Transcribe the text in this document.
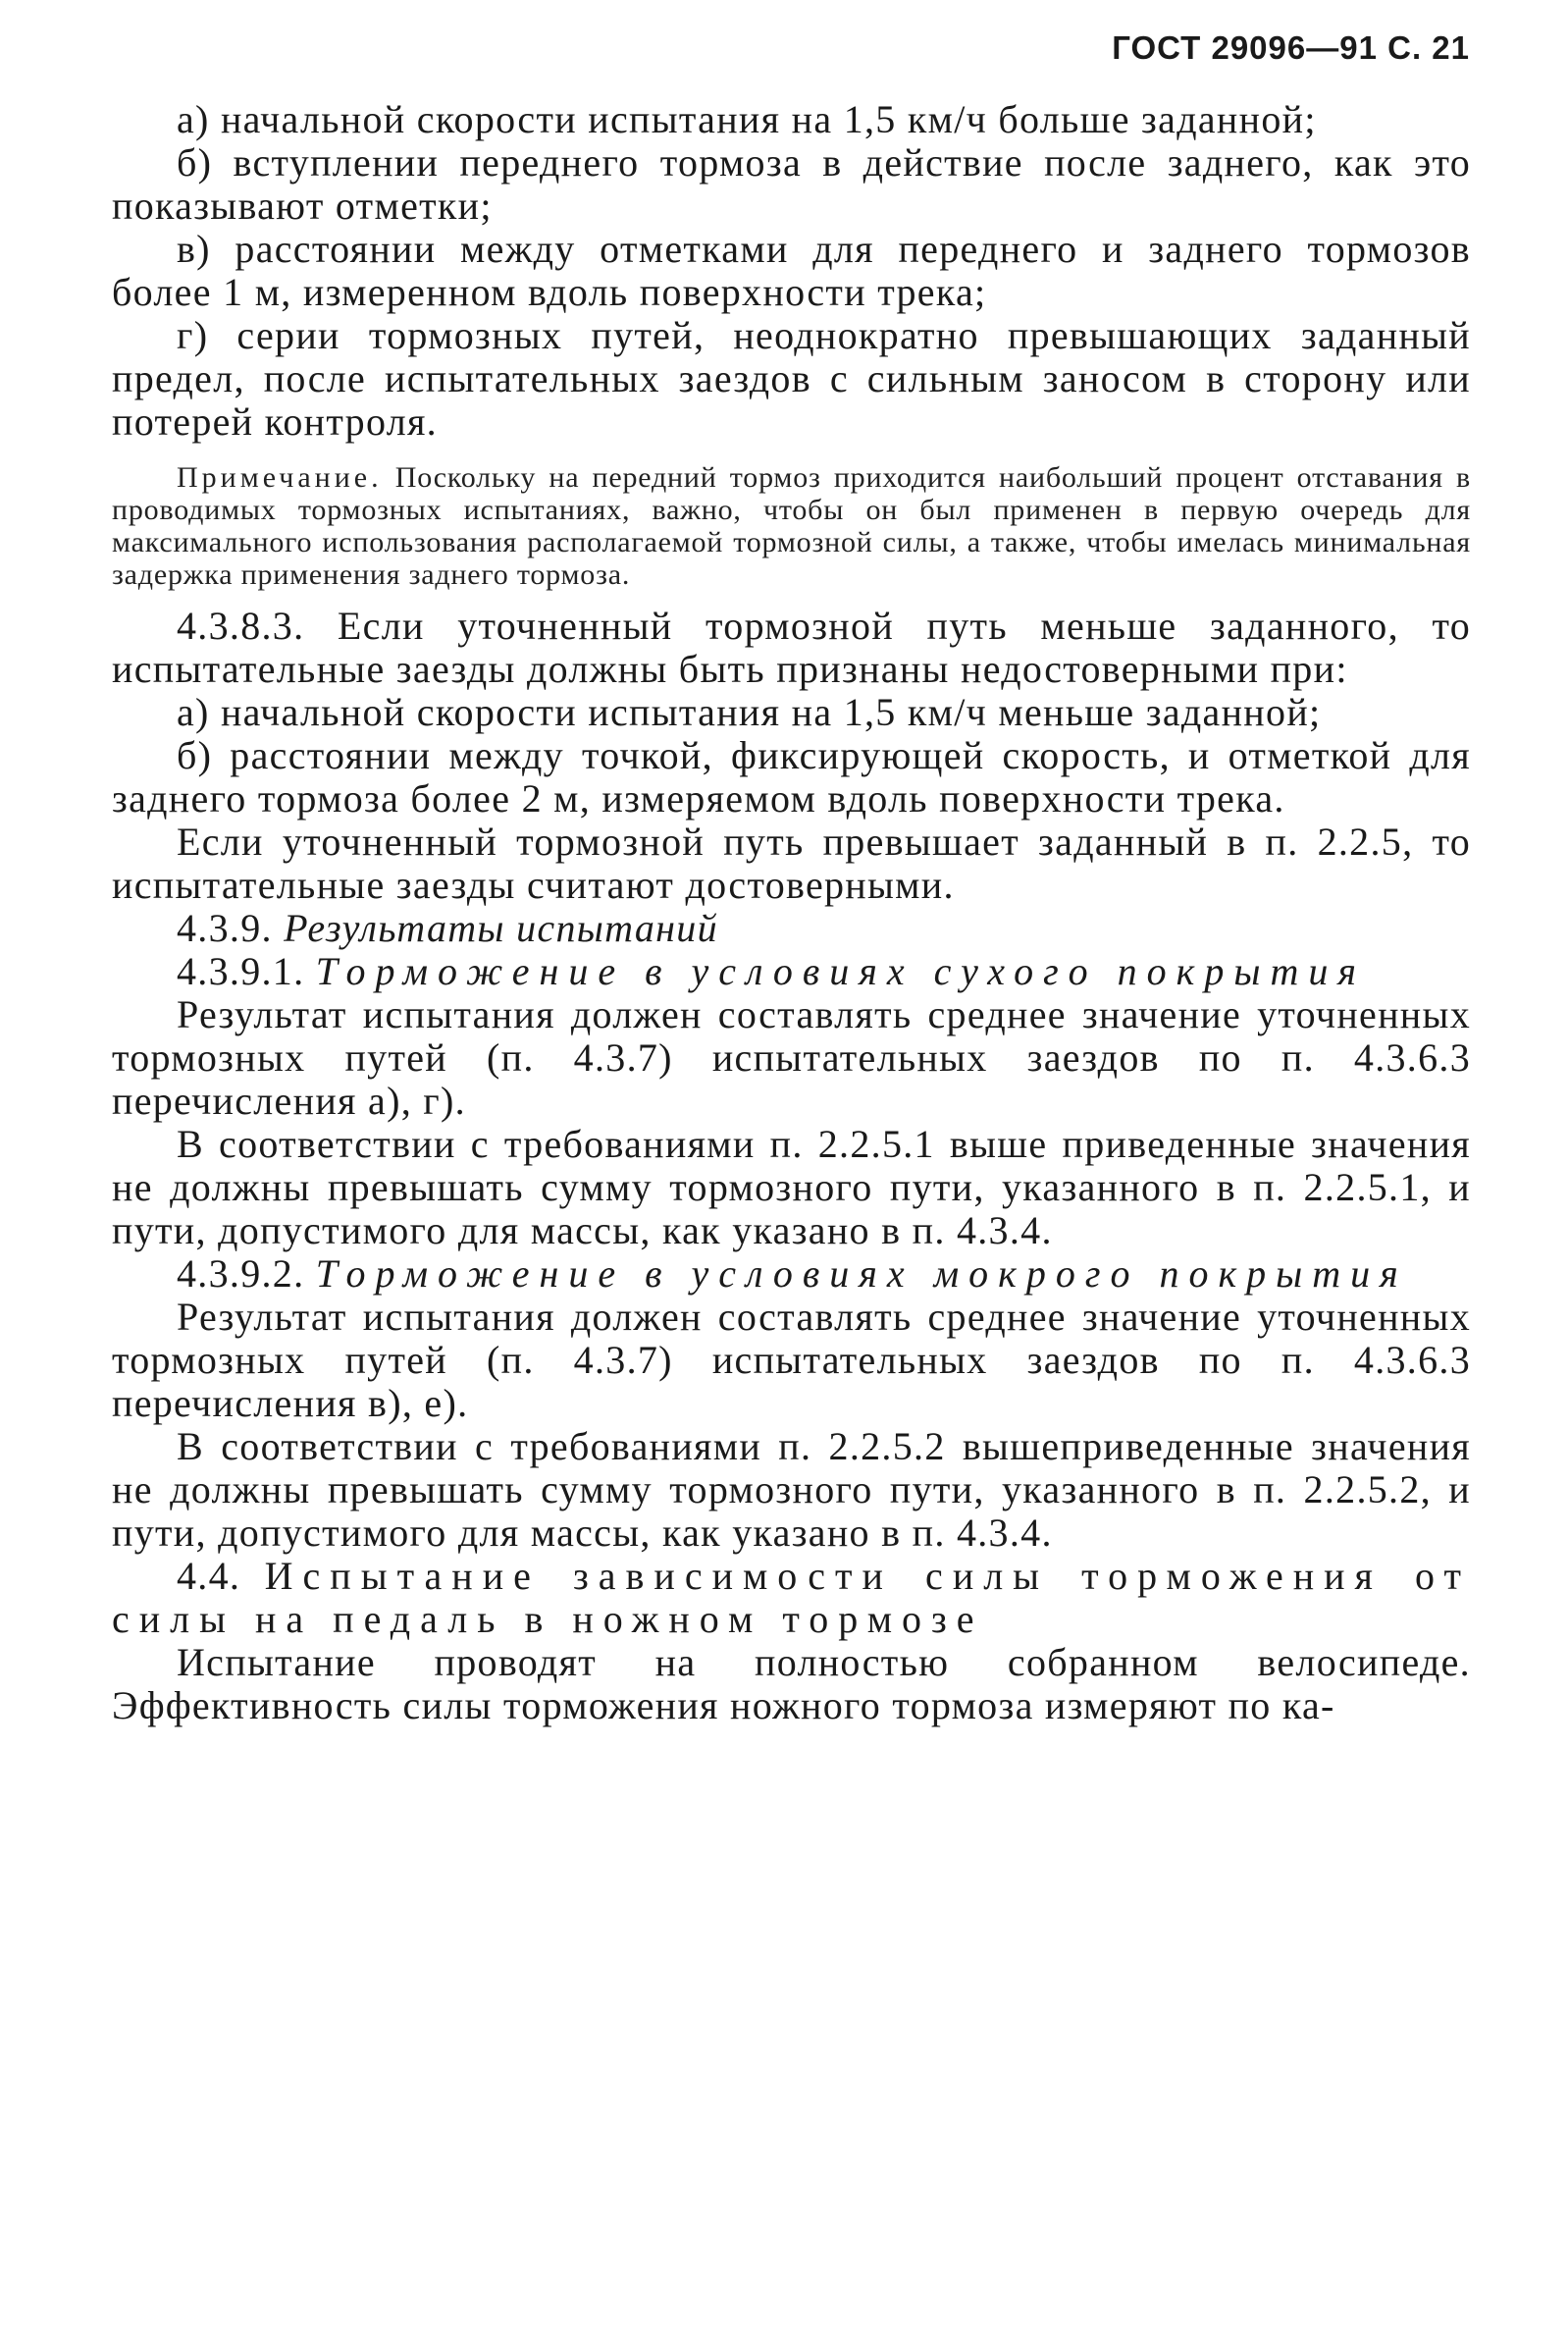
ГОСТ 29096—91 С. 21

а) начальной скорости испытания на 1,5 км/ч больше заданной;

б) вступлении переднего тормоза в действие после заднего, как это показывают отметки;

в) расстоянии между отметками для переднего и заднего тормозов более 1 м, измеренном вдоль поверхности трека;

г) серии тормозных путей, неоднократно превышающих заданный предел, после испытательных заездов с сильным заносом в сторону или потерей контроля.

Примечание. Поскольку на передний тормоз приходится наибольший процент отставания в проводимых тормозных испытаниях, важно, чтобы он был применен в первую очередь для максимального использования располагаемой тормозной силы, а также, чтобы имелась минимальная задержка применения заднего тормоза.

4.3.8.3. Если уточненный тормозной путь меньше заданного, то испытательные заезды должны быть признаны недостоверными при:

а) начальной скорости испытания на 1,5 км/ч меньше заданной;

б) расстоянии между точкой, фиксирующей скорость, и отметкой для заднего тормоза более 2 м, измеряемом вдоль поверхности трека.

Если уточненный тормозной путь превышает заданный в п. 2.2.5, то испытательные заезды считают достоверными.

4.3.9. Результаты испытаний

4.3.9.1. Торможение в условиях сухого покрытия

Результат испытания должен составлять среднее значение уточненных тормозных путей (п. 4.3.7) испытательных заездов по п. 4.3.6.3 перечисления а), г).

В соответствии с требованиями п. 2.2.5.1 выше приведенные значения не должны превышать сумму тормозного пути, указанного в п. 2.2.5.1, и пути, допустимого для массы, как указано в п. 4.3.4.

4.3.9.2. Торможение в условиях мокрого покрытия

Результат испытания должен составлять среднее значение уточненных тормозных путей (п. 4.3.7) испытательных заездов по п. 4.3.6.3 перечисления в), е).

В соответствии с требованиями п. 2.2.5.2 вышеприведенные значения не должны превышать сумму тормозного пути, указанного в п. 2.2.5.2, и пути, допустимого для массы, как указано в п. 4.3.4.

4.4. Испытание зависимости силы торможения от силы на педаль в ножном тормозе

Испытание проводят на полностью собранном велосипеде. Эффективность силы торможения ножного тормоза измеряют по ка-
